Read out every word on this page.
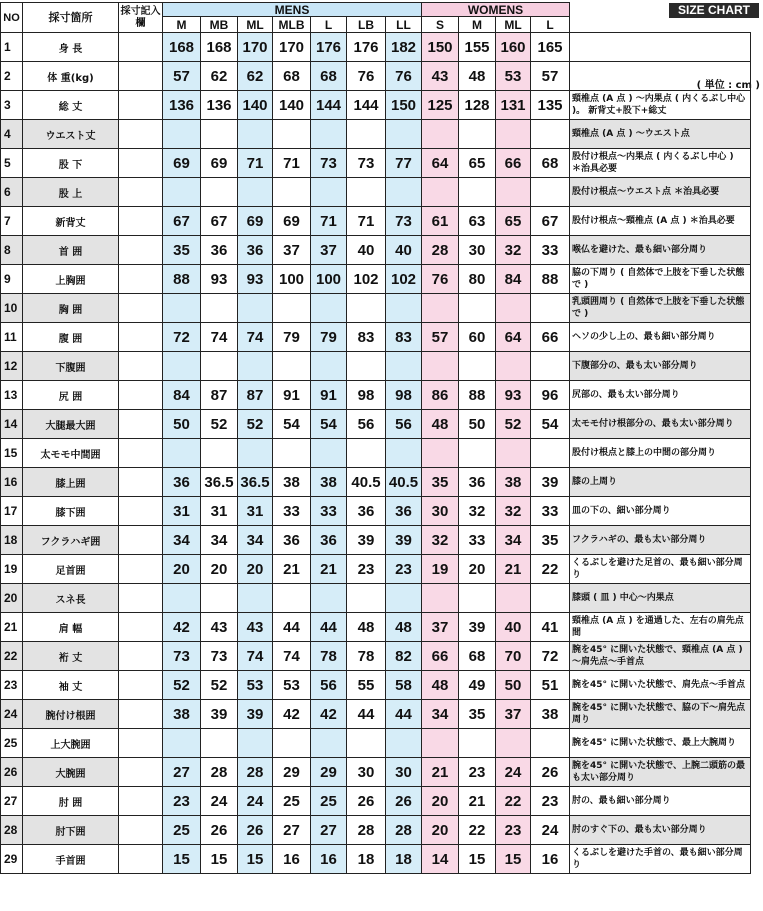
SIZE CHART
( 単位 : cm )
NO	採寸箇所	採寸記入欄	MENS							WOMENS				
			M	MB	ML	MLB	L	LB	LL	S	M	ML	L	
1	身 長		168	168	170	170	176	176	182	150	155	160	165	
2	体 重(kg)		57	62	62	68	68	76	76	43	48	53	57	
3	総 丈		136	136	140	140	144	144	150	125	128	131	135	頸椎点 (A 点 ) ～内果点 ( 内くるぶし中心 )。 新背丈+股下+総丈
4	ウエスト丈													頸椎点 (A 点 ) ～ウエスト点
5	股 下		69	69	71	71	73	73	77	64	65	66	68	股付け根点～内果点 ( 内くるぶし中心 )　＊治具必要
6	股 上													股付け根点～ウエスト点 ＊治具必要
7	新背丈		67	67	69	69	71	71	73	61	63	65	67	股付け根点～頸椎点 (A 点 ) ＊治具必要
8	首 囲		35	36	36	37	37	40	40	28	30	32	33	喉仏を避けた、最も細い部分周り
9	上胸囲		88	93	93	100	100	102	102	76	80	84	88	脇の下周り ( 自然体で上肢を下垂した状態で )
10	胸 囲													乳頭囲周り ( 自然体で上肢を下垂した状態で )
11	腹 囲		72	74	74	79	79	83	83	57	60	64	66	ヘソの少し上の、最も細い部分周り
12	下腹囲													下腹部分の、最も太い部分周り
13	尻 囲		84	87	87	91	91	98	98	86	88	93	96	尻部の、最も太い部分周り
14	大腿最大囲		50	52	52	54	54	56	56	48	50	52	54	太モモ付け根部分の、最も太い部分周り
15	太モモ中間囲													股付け根点と膝上の中間の部分周り
16	膝上囲		36	36.5	36.5	38	38	40.5	40.5	35	36	38	39	膝の上周り
17	膝下囲		31	31	31	33	33	36	36	30	32	32	33	皿の下の、細い部分周り
18	フクラハギ囲		34	34	34	36	36	39	39	32	33	34	35	フクラハギの、最も太い部分周り
19	足首囲		20	20	20	21	21	23	23	19	20	21	22	くるぶしを避けた足首の、最も細い部分周り
20	スネ長													膝頭 ( 皿 ) 中心～内果点
21	肩 幅		42	43	43	44	44	48	48	37	39	40	41	頸椎点 (A 点 ) を通過した、左右の肩先点間
22	裄 丈		73	73	74	74	78	78	82	66	68	70	72	腕を45° に開いた状態で、頸椎点 (A 点 ) ～肩先点～手首点
23	袖 丈		52	52	53	53	56	55	58	48	49	50	51	腕を45° に開いた状態で、肩先点～手首点
24	腕付け根囲		38	39	39	42	42	44	44	34	35	37	38	腕を45° に開いた状態で、脇の下～肩先点周り
25	上大腕囲													腕を45° に開いた状態で、最上大腕周り
26	大腕囲		27	28	28	29	29	30	30	21	23	24	26	腕を45° に開いた状態で、上腕二頭筋の最も太い部分周り
27	肘 囲		23	24	24	25	25	26	26	20	21	22	23	肘の、最も細い部分周り
28	肘下囲		25	26	26	27	27	28	28	20	22	23	24	肘のすぐ下の、最も太い部分周り
29	手首囲		15	15	15	16	16	18	18	14	15	15	16	くるぶしを避けた手首の、最も細い部分周り
